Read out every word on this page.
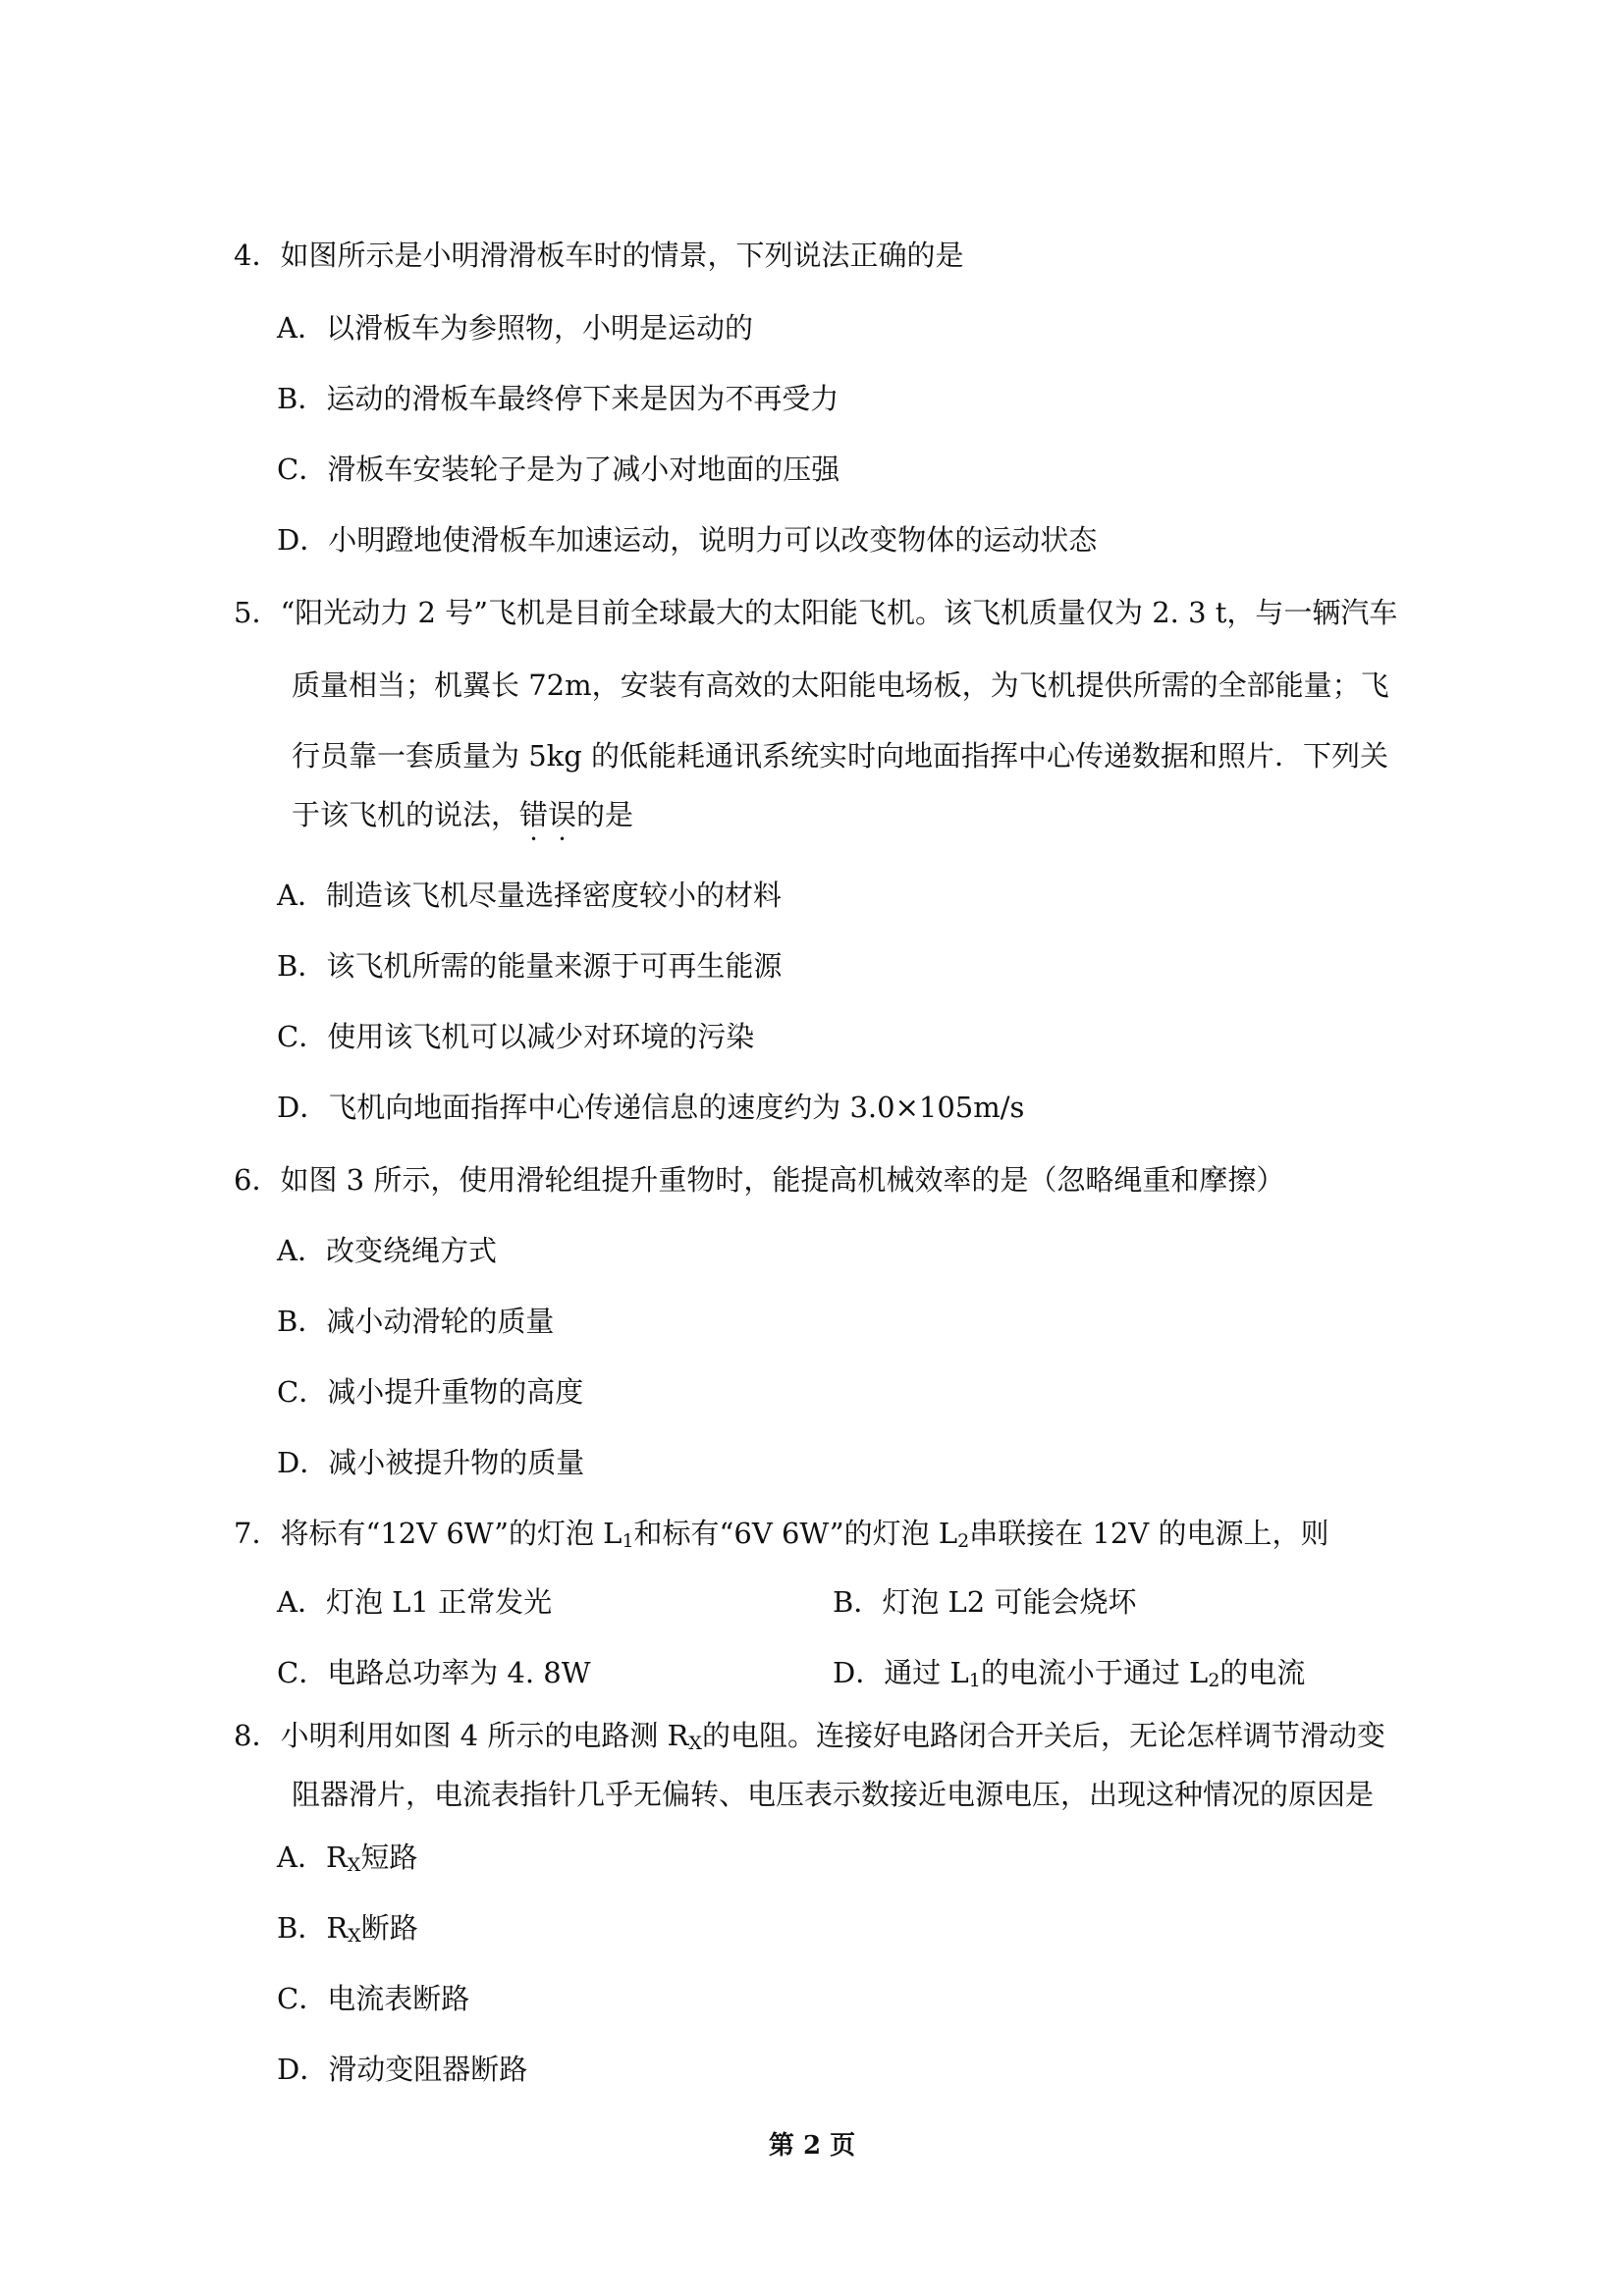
4．如图所示是小明滑滑板车时的情景，下列说法正确的是
A．以滑板车为参照物，小明是运动的
B．运动的滑板车最终停下来是因为不再受力
C．滑板车安装轮子是为了减小对地面的压强
D．小明蹬地使滑板车加速运动，说明力可以改变物体的运动状态
5．“阳光动力 2 号”飞机是目前全球最大的太阳能飞机。该飞机质量仅为 2. 3 t，与一辆汽车
质量相当；机翼长 72m，安装有高效的太阳能电场板，为飞机提供所需的全部能量；飞
行员靠一套质量为 5kg 的低能耗通讯系统实时向地面指挥中心传递数据和照片．下列关
于该飞机的说法，错误的是
A．制造该飞机尽量选择密度较小的材料
B．该飞机所需的能量来源于可再生能源
C．使用该飞机可以减少对环境的污染
D．飞机向地面指挥中心传递信息的速度约为 3.0×105m/s
6．如图 3 所示，使用滑轮组提升重物时，能提高机械效率的是（忽略绳重和摩擦）
A．改变绕绳方式
B．减小动滑轮的质量
C．减小提升重物的高度
D．减小被提升物的质量
7．将标有“12V 6W”的灯泡 $L_1$和标有“6V 6W”的灯泡 $L_2$串联接在 12V 的电源上，则
A．灯泡 L1 正常发光	B．灯泡 L2 可能会烧坏
C．电路总功率为 4. 8W	D．通过 $L_1$的电流小于通过 $L_2$的电流
8．小明利用如图 4 所示的电路测 $R_X$的电阻。连接好电路闭合开关后，无论怎样调节滑动变
阻器滑片，电流表指针几乎无偏转、电压表示数接近电源电压，出现这种情况的原因是
A．$R_X$短路
B．$R_X$断路
C．电流表断路
D．滑动变阻器断路
第 2 页
